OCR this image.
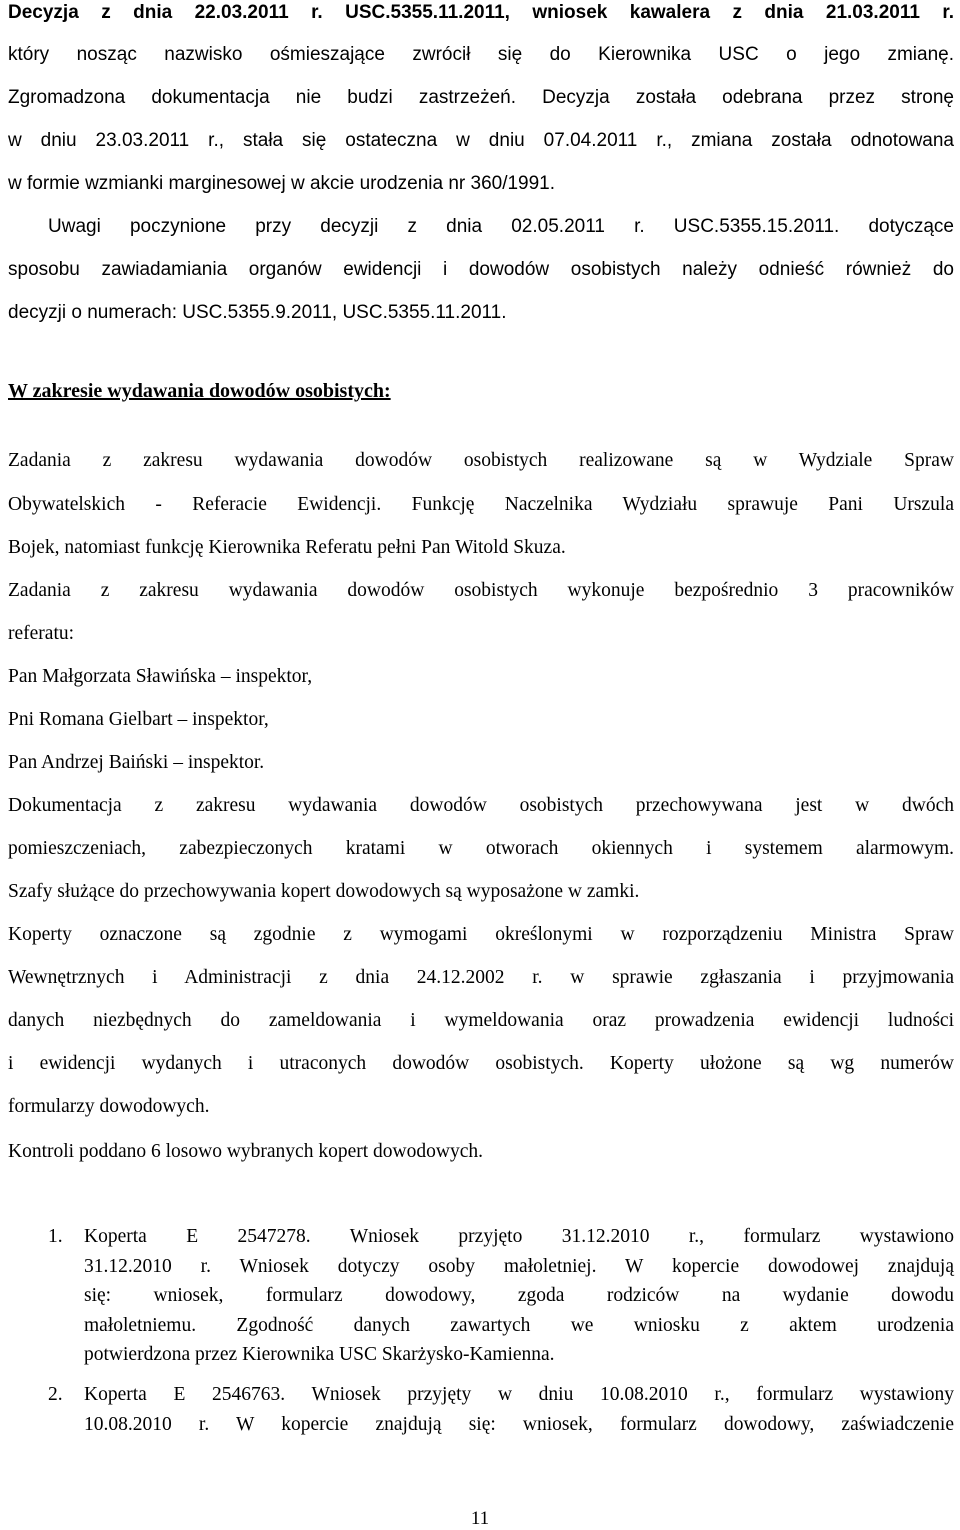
Decyzja z dnia 22.03.2011 r. USC.5355.11.2011, wniosek kawalera z dnia 21.03.2011 r.
który nosząc nazwisko ośmieszające zwrócił się do Kierownika USC o jego zmianę.
Zgromadzona dokumentacja nie budzi zastrzeżeń. Decyzja została odebrana przez stronę
w dniu 23.03.2011 r., stała się ostateczna w dniu 07.04.2011 r., zmiana została odnotowana
w formie wzmianki marginesowej w akcie urodzenia nr 360/1991.
Uwagi poczynione przy decyzji z dnia 02.05.2011 r. USC.5355.15.2011. dotyczące
sposobu zawiadamiania organów ewidencji i dowodów osobistych należy odnieść również do
decyzji o numerach: USC.5355.9.2011, USC.5355.11.2011.
W zakresie wydawania dowodów osobistych:
Zadania z zakresu wydawania dowodów osobistych realizowane są w Wydziale Spraw
Obywatelskich - Referacie Ewidencji. Funkcję Naczelnika Wydziału sprawuje Pani Urszula
Bojek, natomiast funkcję Kierownika Referatu pełni Pan Witold Skuza.
Zadania z zakresu wydawania dowodów osobistych wykonuje bezpośrednio 3 pracowników
referatu:
Pan Małgorzata Sławińska – inspektor,
Pni Romana Gielbart – inspektor,
Pan Andrzej Baiński – inspektor.
Dokumentacja z zakresu wydawania dowodów osobistych przechowywana jest w dwóch
pomieszczeniach, zabezpieczonych kratami w otworach okiennych i systemem alarmowym.
Szafy służące do przechowywania kopert dowodowych są wyposażone w zamki.
Koperty oznaczone są zgodnie z wymogami określonymi w rozporządzeniu Ministra Spraw
Wewnętrznych i Administracji z dnia 24.12.2002 r. w sprawie zgłaszania i przyjmowania
danych niezbędnych do zameldowania i wymeldowania oraz prowadzenia ewidencji ludności
i ewidencji wydanych i utraconych dowodów osobistych. Koperty ułożone są wg numerów
formularzy dowodowych.
Kontroli poddano 6 losowo wybranych kopert dowodowych.
1. Koperta E 2547278. Wniosek przyjęto 31.12.2010 r., formularz wystawiono
31.12.2010 r. Wniosek dotyczy osoby małoletniej. W kopercie dowodowej znajdują
się: wniosek, formularz dowodowy, zgoda rodziców na wydanie dowodu
małoletniemu. Zgodność danych zawartych we wniosku z aktem urodzenia
potwierdzona przez Kierownika USC Skarżysko-Kamienna.
2. Koperta E 2546763. Wniosek przyjęty w dniu 10.08.2010 r., formularz wystawiony
10.08.2010 r. W kopercie znajdują się: wniosek, formularz dowodowy, zaświadczenie
11
